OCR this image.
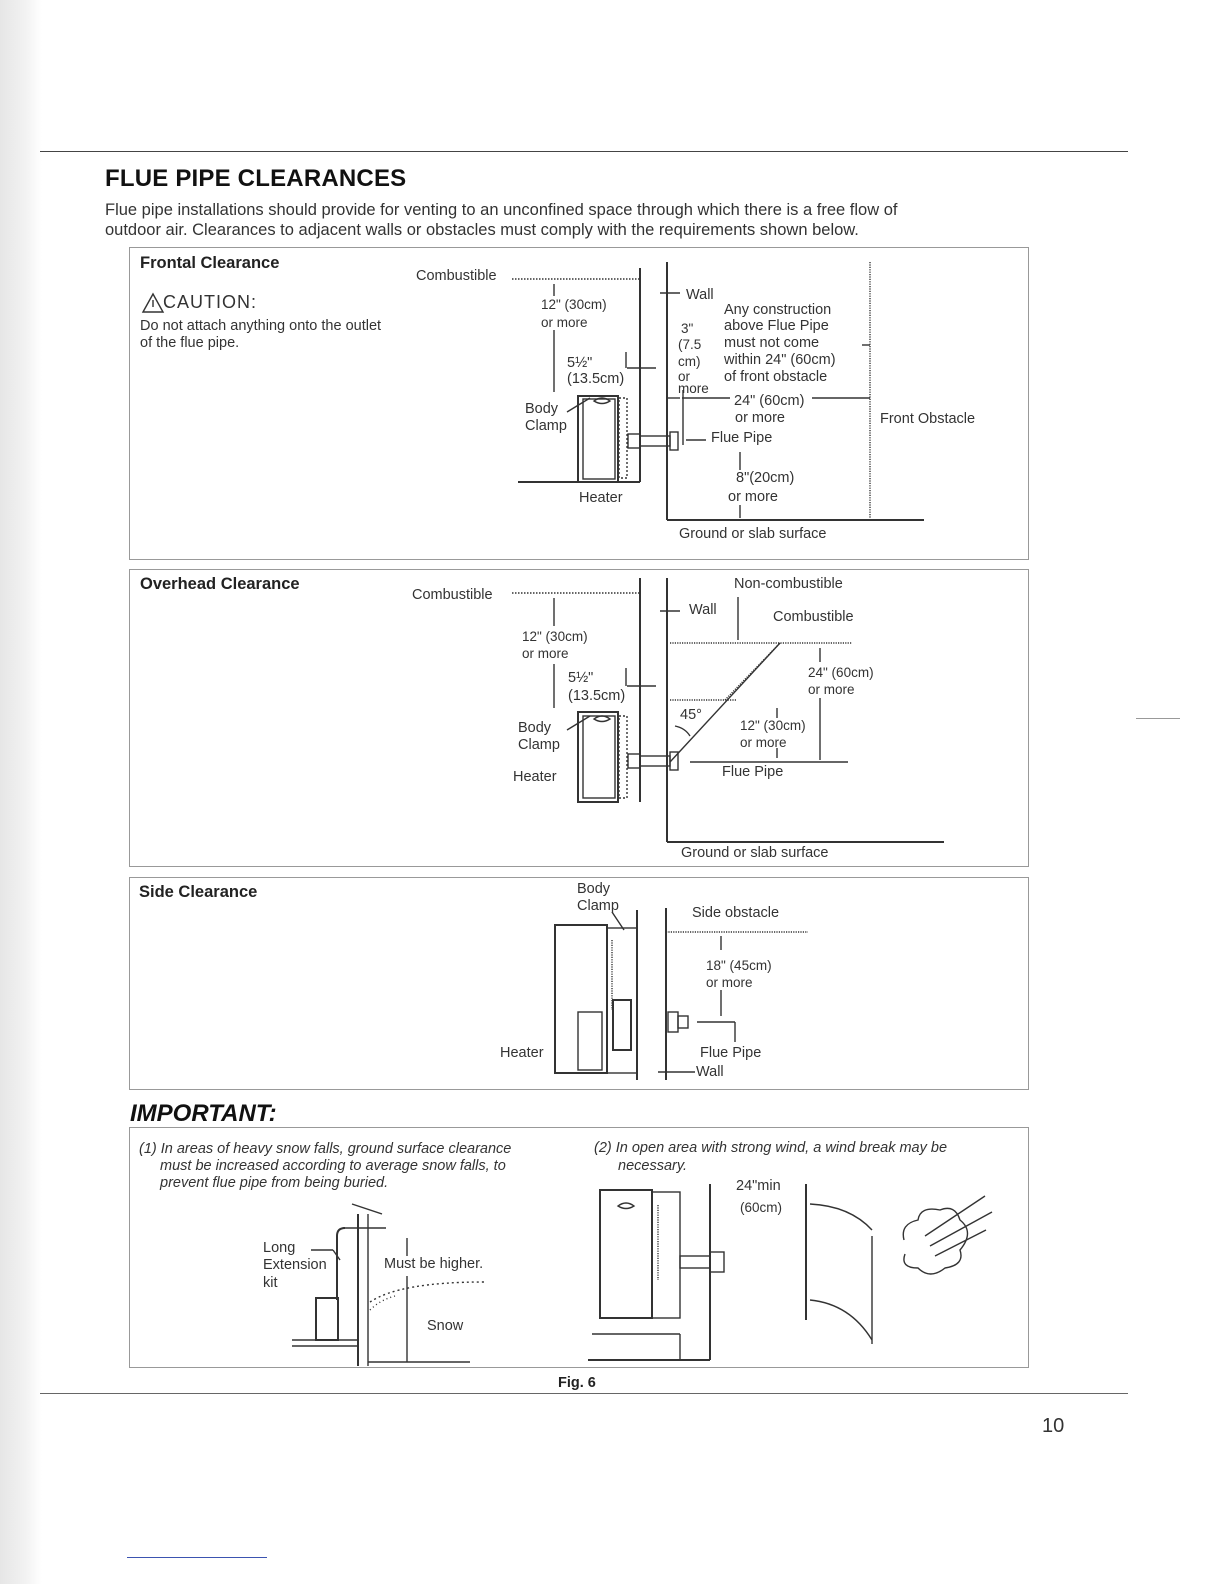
FLUE PIPE CLEARANCES
Flue pipe installations should provide for venting to an unconfined space through which there is a free flow of
outdoor air. Clearances to adjacent walls or obstacles must comply with the requirements shown below.
Frontal Clearance
CAUTION:
Do not attach anything onto the outlet
of the flue pipe.
Combustible
12" (30cm)
or more
5½"
(13.5cm)
Body
Clamp
Heater
Wall
3"
(7.5
cm)
or
more
Any construction
above Flue Pipe
must not come
within 24" (60cm)
of front obstacle
24" (60cm)
or more
Flue Pipe
8"(20cm)
or more
Front Obstacle
Ground or slab surface
Overhead Clearance
Combustible
12" (30cm)
or more
5½"
(13.5cm)
Body
Clamp
Heater
Wall
Non-combustible
Combustible
24" (60cm)
or more
45°
12" (30cm)
or more
Flue Pipe
Ground or slab surface
Side Clearance	Body
Clamp
Heater
Side obstacle
18" (45cm)
or more
Flue Pipe
Wall
IMPORTANT:
(1) In areas of heavy snow falls, ground surface clearance
must be increased according to average snow falls, to
prevent flue pipe from being buried.
(2) In open area with strong wind, a wind break may be
necessary.
Long
Extension
kit
Must be higher.
Snow
24"min
(60cm)
Fig. 6
10
